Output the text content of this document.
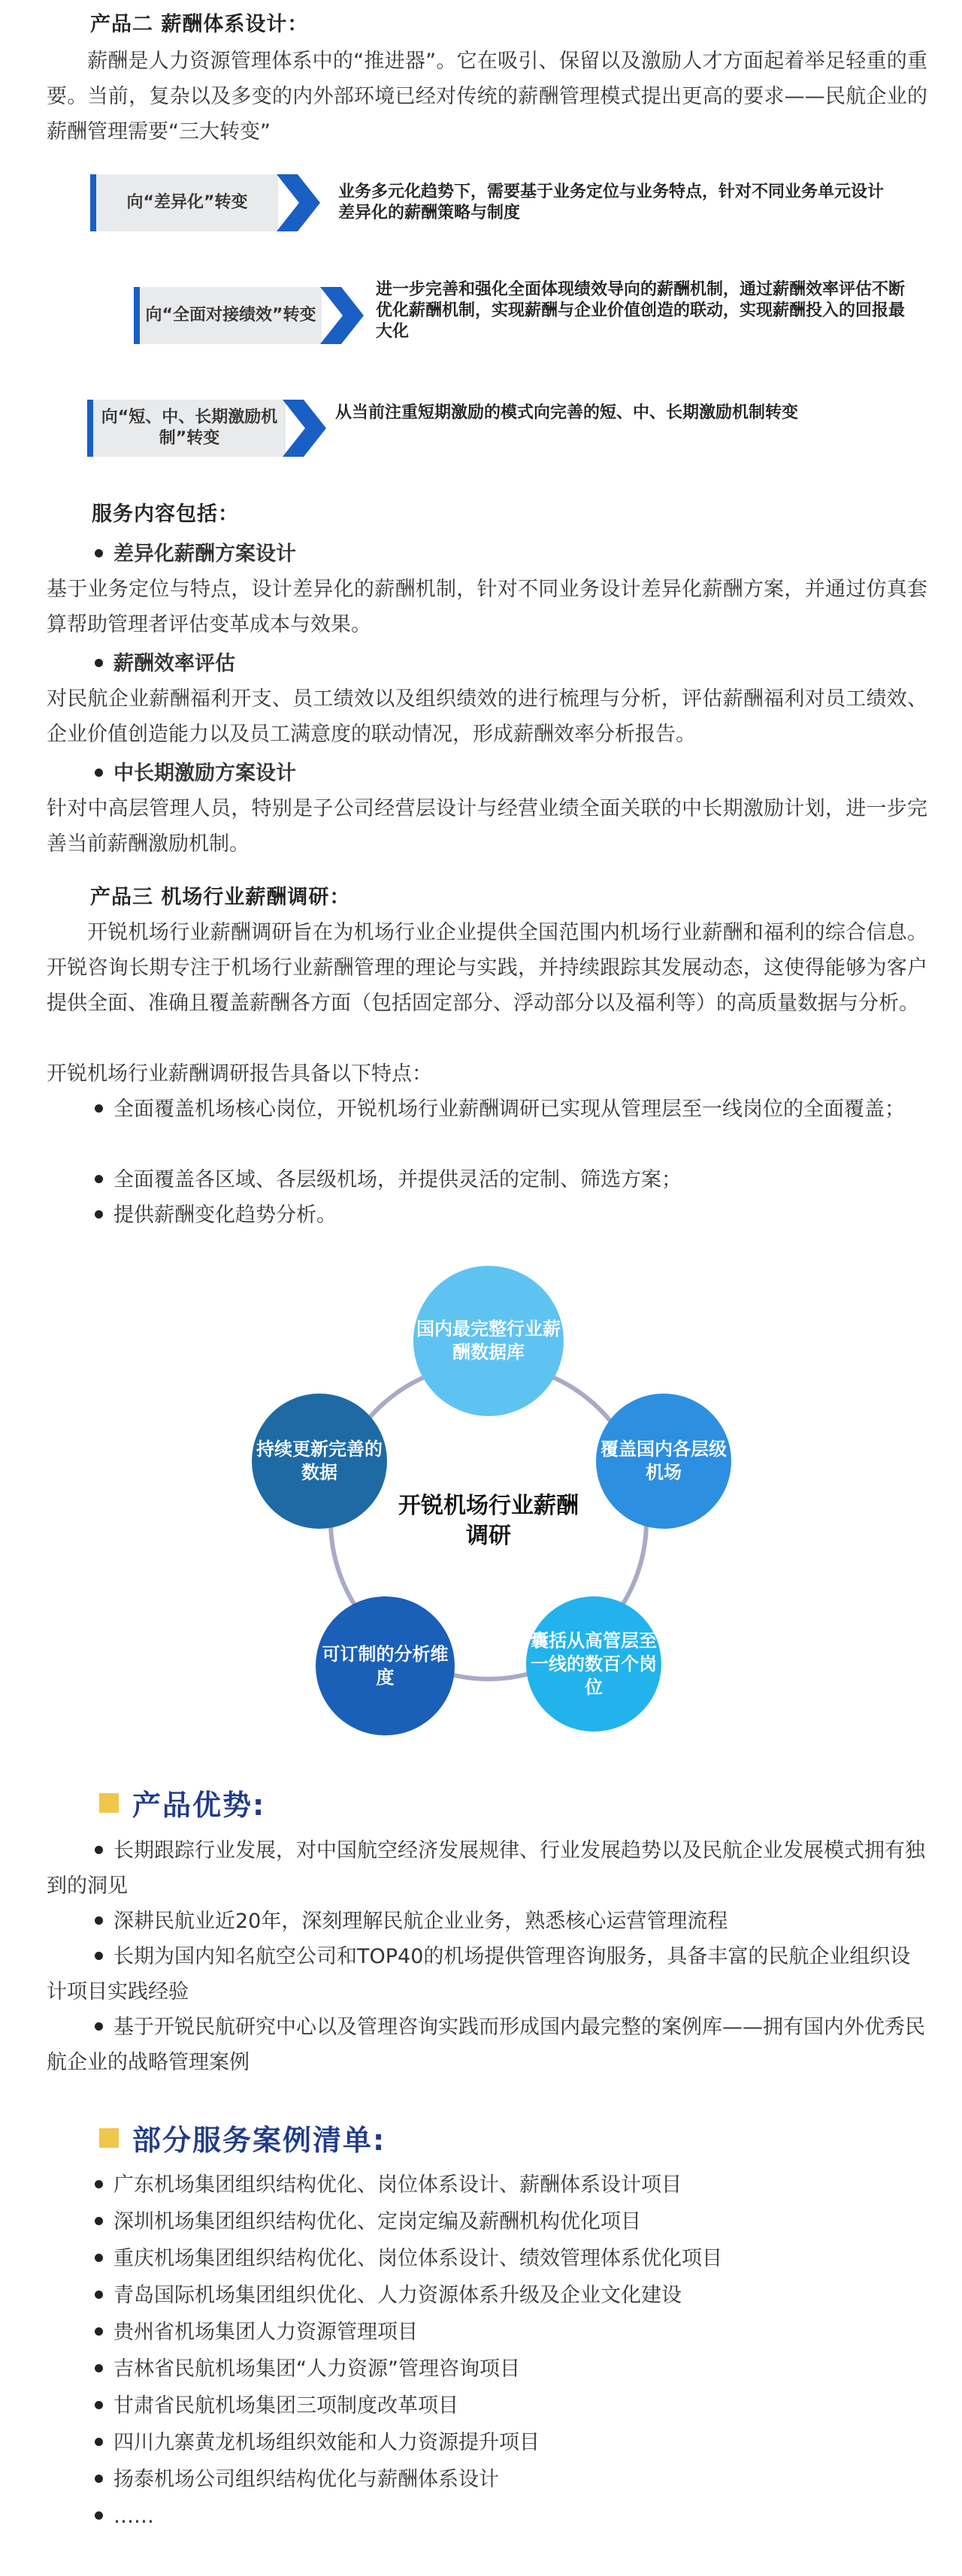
产品二 薪酬体系设计：
薪酬是人力资源管理体系中的“推进器”。它在吸引、保留以及激励人才方面起着举足轻重的重要。当前，复杂以及多变的内外部环境已经对传统的薪酬管理模式提出更高的要求——民航企业的薪酬管理需要“三大转变”
向“差异化”转变
业务多元化趋势下，需要基于业务定位与业务特点，针对不同业务单元设计差异化的薪酬策略与制度
向“全面对接绩效”转变
进一步完善和强化全面体现绩效导向的薪酬机制，通过薪酬效率评估不断优化薪酬机制，实现薪酬与企业价值创造的联动，实现薪酬投入的回报最大化
向“短、中、长期激励机制”转变
从当前注重短期激励的模式向完善的短、中、长期激励机制转变
服务内容包括：
差异化薪酬方案设计
基于业务定位与特点，设计差异化的薪酬机制，针对不同业务设计差异化薪酬方案，并通过仿真套算帮助管理者评估变革成本与效果。
薪酬效率评估
对民航企业薪酬福利开支、员工绩效以及组织绩效的进行梳理与分析，评估薪酬福利对员工绩效、企业价值创造能力以及员工满意度的联动情况，形成薪酬效率分析报告。
中长期激励方案设计
针对中高层管理人员，特别是子公司经营层设计与经营业绩全面关联的中长期激励计划，进一步完善当前薪酬激励机制。
产品三 机场行业薪酬调研：
开锐机场行业薪酬调研旨在为机场行业企业提供全国范围内机场行业薪酬和福利的综合信息。开锐咨询长期专注于机场行业薪酬管理的理论与实践，并持续跟踪其发展动态，这使得能够为客户提供全面、准确且覆盖薪酬各方面（包括固定部分、浮动部分以及福利等）的高质量数据与分析。
开锐机场行业薪酬调研报告具备以下特点：
全面覆盖机场核心岗位，开锐机场行业薪酬调研已实现从管理层至一线岗位的全面覆盖；
全面覆盖各区域、各层级机场，并提供灵活的定制、筛选方案；
提供薪酬变化趋势分析。
国内最完整行业薪酬数据库
覆盖国内各层级机场
囊括从高管层至一线的数百个岗位
可订制的分析维度
持续更新完善的数据
开锐机场行业薪酬调研
产品优势:
长期跟踪行业发展，对中国航空经济发展规律、行业发展趋势以及民航企业发展模式拥有独到的洞见
深耕民航业近20年，深刻理解民航企业业务，熟悉核心运营管理流程
长期为国内知名航空公司和TOP40的机场提供管理咨询服务，具备丰富的民航企业组织设计项目实践经验
基于开锐民航研究中心以及管理咨询实践而形成国内最完整的案例库——拥有国内外优秀民航企业的战略管理案例
部分服务案例清单:
广东机场集团组织结构优化、岗位体系设计、薪酬体系设计项目
深圳机场集团组织结构优化、定岗定编及薪酬机构优化项目
重庆机场集团组织结构优化、岗位体系设计、绩效管理体系优化项目
青岛国际机场集团组织优化、人力资源体系升级及企业文化建设
贵州省机场集团人力资源管理项目
吉林省民航机场集团“人力资源”管理咨询项目
甘肃省民航机场集团三项制度改革项目
四川九寨黄龙机场组织效能和人力资源提升项目
扬泰机场公司组织结构优化与薪酬体系设计
……
